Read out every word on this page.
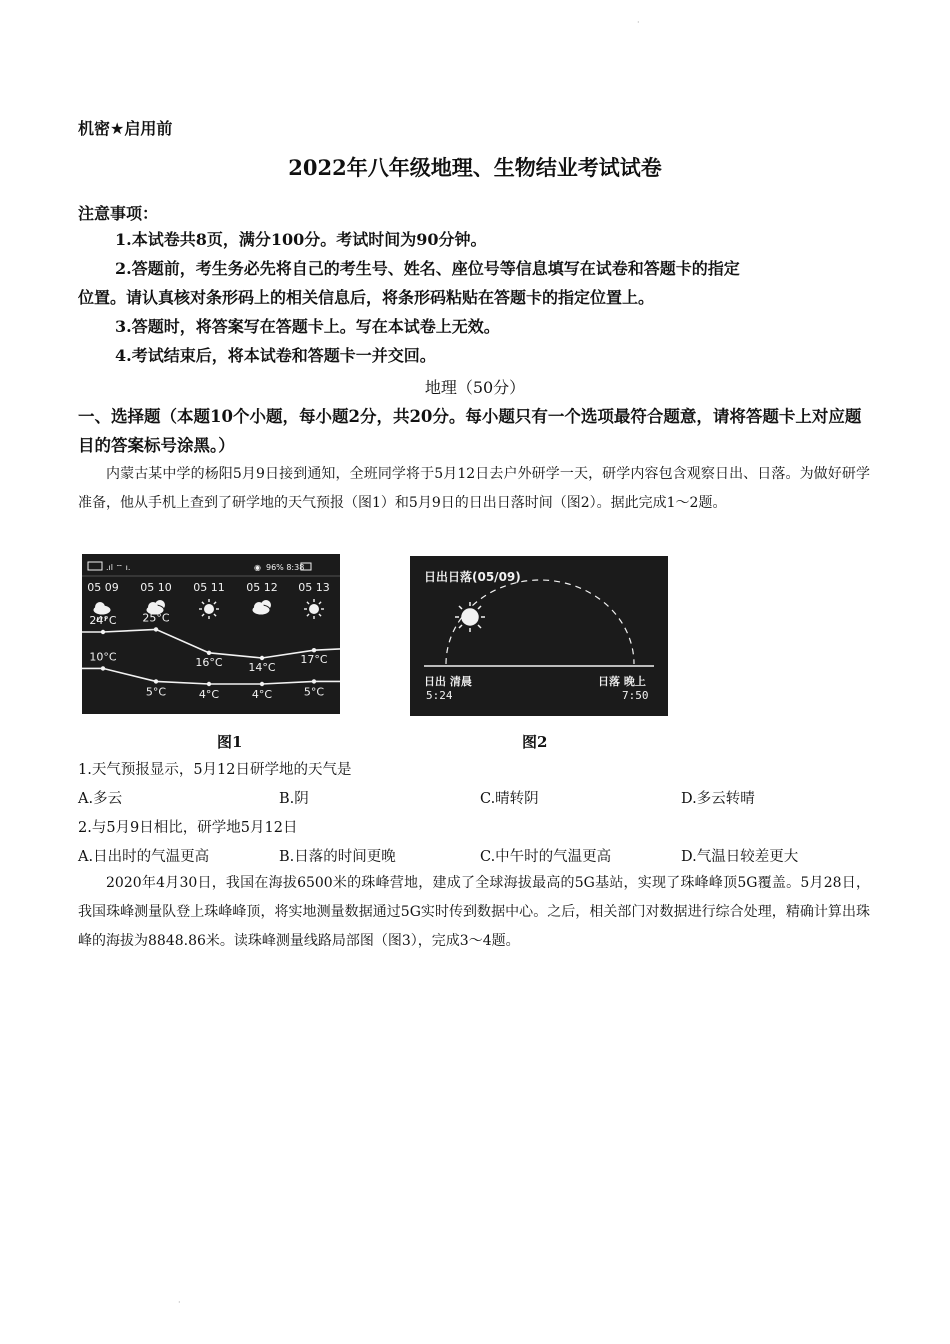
·
·
机密★启用前
2022年八年级地理、生物结业考试试卷
注意事项：
1.本试卷共8页，满分100分。考试时间为90分钟。
2.答题前，考生务必先将自己的考生号、姓名、座位号等信息填写在试卷和答题卡的指定
位置。请认真核对条形码上的相关信息后，将条形码粘贴在答题卡的指定位置上。
3.答题时，将答案写在答题卡上。写在本试卷上无效。
4.考试结束后，将本试卷和答题卡一并交回。
地理（50分）
一、选择题（本题10个小题，每小题2分，共20分。每小题只有一个选项最符合题意，请将答题卡上对应题目的答案标号涂黑。）
内蒙古某中学的杨阳5月9日接到通知，全班同学将于5月12日去户外研学一天，研学内容包含观察日出、日落。为做好研学准备，他从手机上查到了研学地的天气预报（图1）和5月9日的日出日落时间（图2）。据此完成1～2题。
.ıl ⌔ ı.	◉ 96% 8:38
05 09
24°C
10°C
05 10
25°C
5°C
05 11
16°C
4°C
05 12
14°C
4°C
05 13
17°C
5°C
图1
日出日落(05/09)
日出 清晨
5:24
日落 晚上
7:50
图2
1.天气预报显示，5月12日研学地的天气是
A.多云	B.阴	C.晴转阴	D.多云转晴
2.与5月9日相比，研学地5月12日
A.日出时的气温更高	B.日落的时间更晚	C.中午时的气温更高	D.气温日较差更大
2020年4月30日，我国在海拔6500米的珠峰营地，建成了全球海拔最高的5G基站，实现了珠峰峰顶5G覆盖。5月28日，我国珠峰测量队登上珠峰峰顶，将实地测量数据通过5G实时传到数据中心。之后，相关部门对数据进行综合处理，精确计算出珠峰的海拔为8848.86米。读珠峰测量线路局部图（图3），完成3～4题。
